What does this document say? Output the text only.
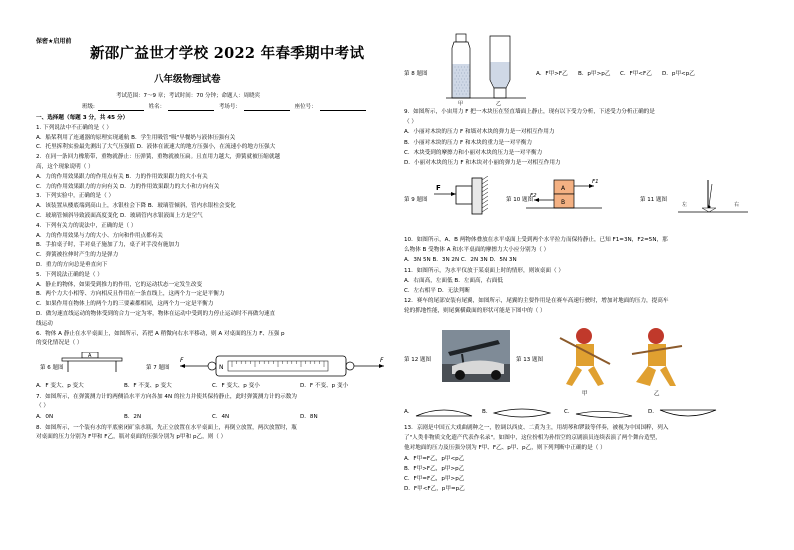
保密★启用前
新邵广益世才学校 2022 年春季期中考试
八年级物理试卷
考试范围：7～9 章；考试时间：70 分钟；命题人：周晓宾
班级:	姓名：	考场号：	座位号：
一、选择题（每题 3 分，共 45 分）
1. 下列说法中不正确的是（ ）
A．船桨利用了连通器的原理实现通航 B．学生用吸管"吸"早餐奶与液体压强有关
C．托里拆利实验最先测出了大气压强值 D．液体在流速大的地方压强小，在流速小的地方压强大
2．在同一条回力橡筋带，重物就静止：压弹簧，重物就被压扁。且直用力越大，弹簧就被压缩就越
高，这个现象说明（ ）
A．力的作用效果跟力的作用点有关 B．力的作用效果跟力的大小有关
C．力的作用效果跟力的方向有关 D．力的作用效果跟力的大小和方向有关
3．下列实验中，正确的是（ ）
A．该装置从楼底端到高山上，水银柱会下降 B．玻璃管倾斜，管内水银柱会变化
C．玻璃管倾斜导致液面高度变化 D．玻璃管内水银液面上方是空气
4．下列有关力的说法中，正确的是（ ）
A．力的作用效果与力的大小、方向和作用点都有关
B．手拍桌子时，手对桌子施加了力，桌子对手没有施加力
C．弹簧被拉伸时产生的力是弹力
D．重力的方向总是垂直向下
5．下列说法正确的是（ ）
A．静止的物体，如果受到推力的作用，它的运动状态一定发生改变
B．两个力大小相等、方向相反且作用在一条直线上，这两个力一定是平衡力
C．如果作用在物体上的两个力的三要素都相同，这两个力一定是平衡力
D．做匀速直线运动的物体受到的合力一定为零，物体在运动中受到的力停止运动时不再做匀速直
线运动
6．物体 A 静止在水平桌面上，如图所示，若把 A 稍微向右水平移动，则 A 对桌面的压力 F、压强 p
的变化情况是（ ）
A
第 6 题图	第 7 题图
F
N
F
A．F 变大、p 变大	B．F 不变、p 变大	C．F 变大、p 变小	D．F 不变、p 变小
7．如图所示，在弹簧测力计的两侧沿水平方向各加 4N 的拉力并使其保持静止，此时弹簧测力计的示数为
（ ）
A．0N	B．2N	C．4N	D．8N
8．如图所示，一个装有水的平底密闭矿泉水瓶，先正立放置在水平桌面上，再倒立放置，两次放置时，瓶
对桌面的压力分别为 F甲和 F乙，瓶对桌面的压强分别为 p甲和 p乙，则（ ）
甲	乙
第 8 题图	A．F甲>F乙 B．p甲>p乙 C．F甲<F乙 D．p甲<p乙
9．如图所示，小宙用力 F 把一木块压在竖直墙面上静止，现有以下受力分析，下述受力分析正确的是
（ ）
A．小丽对木块的压力 F 和墙对木块的弹力是一对相互作用力
B．小丽对木块的压力 F 和木块的重力是一对平衡力
C．木块受到的摩擦力和小丽对木块的压力是一对平衡力
D．小丽对木块的压力 F 和木块对小丽的弹力是一对相互作用力
F
第 9 题图	第 10 题图
A
B
F1
F2
第 11 题图
左	右
10．如图所示，A、B 两物体叠放在水平桌面上受到两个水平拉力而保持静止，已知 F1=3N，F2=5N，那
么物体 B 受物体 A 和水平桌面的摩擦力大小应分别为（ ）
A．3N 5N B．3N 2N C．2N 3N D．5N 3N
11．如图所示，为水平仪放于某桌面上时的情形，则该桌面（ ）
A．右面高，左面低 B．左面高，右面低
C．左右相平 D．无法判断
12．赛车的尾部安装有尾翼，如图所示，尾翼的主要作用是在赛车高速行驶时，增加对地面的压力，提高车
轮的抓地性能，则尾翼横截面的形状可能是下图中的（ ）
第 12 题图	第 13 题图
甲	乙
A．	B．	C．	D．
13．京剧是中国五大戏曲剧种之一，腔调以西皮、二黄为主，用胡琴和锣鼓等伴奏，被视为中国国粹，列入
了"人类非物质文化遗产代表作名录"。如图中，这位扮相为孙悟空的京剧演员连续表演了两个舞台造型，
他对地面的压力及压强分别为 F甲、F乙、p甲、p乙，则下列判断中正确的是（ ）
A．F甲=F乙，p甲<p乙
B．F甲>F乙，p甲>p乙
C．F甲=F乙，p甲>p乙
D．F甲<F乙，p甲=p乙
